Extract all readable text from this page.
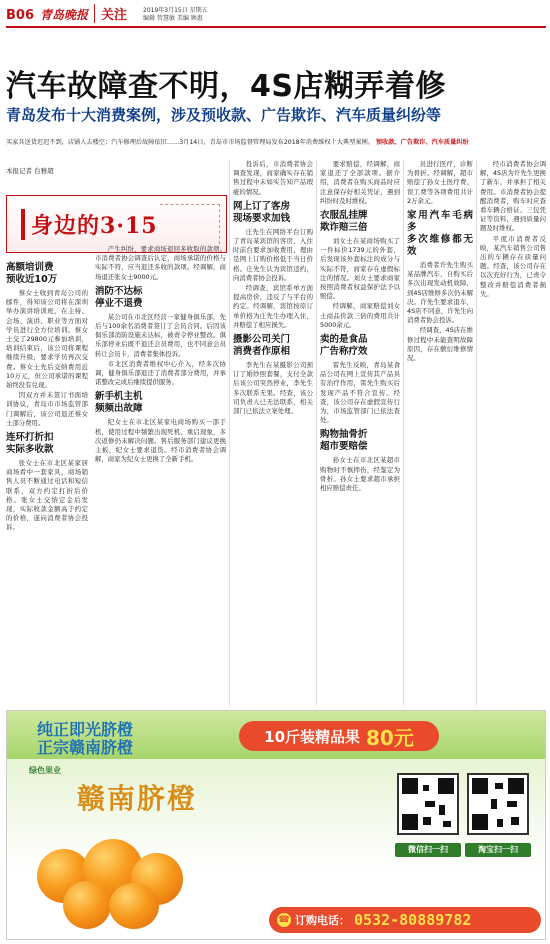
B06 青岛晚报	关注	2019年3月15日 星期五
编辑 管慧敏 美编 顾惠
汽车故障查不明，4S店糊弄着修
青岛发布十大消费案例，涉及预收款、广告欺诈、汽车质量纠纷等

买家具送货迟迟不到，店铺人去楼空；汽车修理后故障依旧……3月14日，青岛市市场监督管理局发布2018年消费维权十大典型案例。 预收款、广告欺诈、汽车质量纠纷

本报记者 台雅超
身边的3·15
高额培训费
预收近10万

蔡女士收到青岛公司的邮件，得知该公司将在深圳举办演讲培训班，在主持、会场、演讲、职业等方面对学员进行全方位培训。蔡女士交了29800元参加培训，培训结束后，该公司将课程继续升级，要求学员再次交费。蔡女士先后交纳费用近10万元，但公司承诺的课程始终没有兑现。

因双方并未签订书面培训协议，青岛市市场监管部门调解后，该公司退还蔡女士部分费用。

连环打折扣
实际多收款

张女士在市北区某家居商场看中一套家具，商场销售人员不断通过电话和短信联系，双方约定打折后价格。张女士交纳定金后发现，实际收款金额高于约定的价格，遂向消费者协会投诉。

产生纠纷，要求商场退回多收取的款项。市消费者协会调查后认定，商场承诺的价格与实际不符，应当退还多收的款项。经调解，商场退还张女士9000元。

消防不达标
停业不退费

某公司在市北区经营一家健身俱乐部，先后与100余名消费者签订了会员合同。后因该俱乐部消防设施未达标，被责令停业整改。俱乐部停业后既不退还会员费用，也不同意会员转让会员卡，消费者集体投诉。

市北区消费者维权中心介入，经多次协调，健身俱乐部退还了消费者部分费用，并承诺整改完成后继续提供服务。

新手机主机
频频出故障

纪女士在市北区某家电商场购买一部手机，使用过程中频繁出现死机、重启现象，多次返修仍未解决问题。售后服务部门建议更换主板，纪女士要求退货。经市消费者协会调解，商家为纪女士更换了全新手机。

投诉后，市消费者协会调查发现，商家确实存在销售过程中未如实告知产品瑕疵的情况。

网上订了客房
现场要求加钱

庄先生在网络平台订购了青岛某宾馆的客房，入住时前台要求加收费用，理由是网上订购价格低于当日价格。庄先生认为宾馆违约，向消费者协会投诉。

经调查，宾馆系单方面提高房价，违反了与平台的约定。经调解，宾馆按原订单价格为庄先生办理入住，并赔偿了相应损失。

摄影公司关门
消费者作原相

李先生在某摄影公司预订了婚纱照套餐，支付全款后该公司突然停业，李先生多次联系无果。经查，该公司负责人已无法联系，相关部门已依法立案处理。

要求赔偿，经调解，商家退还了全部款项。据介绍，消费者在购买商品时应注意保存好相关凭证，遇到纠纷时及时维权。

衣服乱挂牌
欺诈赔三倍

刘女士在某商场购买了一件标价1739元的外套，后发现该外套标注的成分与实际不符，商家存在虚假标注的情况。刘女士要求商家按照消费者权益保护法予以赔偿。

经调解，商家赔偿刘女士商品价款三倍的费用共计5000余元。

卖的是食品
广告称疗效

雷先生反映，青岛某食品公司在网上宣传其产品具有治疗作用，雷先生购买后发现产品不符合宣传。经查，该公司存在虚假宣传行为，市场监管部门已依法查处。

购物抽骨折
超市要赔偿

孙女士在市北区某超市购物时不慎摔伤，经鉴定为骨折。孙女士要求超市承担相应赔偿责任。

员进行医疗，诊断为骨折。经调解，超市赔偿了孙女士医疗费、误工费等各项费用共计2万余元。

家用汽车毛病多
多次维修都无效

消费者许先生购买某品牌汽车，自购买后多次出现发动机故障，到4S店维修多次仍未解决。许先生要求退车，4S店不同意，许先生向消费者协会投诉。

经调查，4S店在维修过程中未能查明故障原因，存在敷衍维修情况。

经市消费者协会调解，4S店为许先生更换了新车，并承担了相关费用。市消费者协会提醒消费者，购车时应查看车辆合格证、三包凭证等资料，遇到质量问题及时维权。

平度市消费者反映，某汽车销售公司售出的车辆存在质量问题。经查，该公司存在以次充好行为，已责令整改并赔偿消费者损失。

纯正即光脐橙
正宗赣南脐橙
10斤装精品果 80元
绿色果业
赣南脐橙
微信扫一扫	淘宝扫一扫
☎ 订购电话： 0532-80889782
